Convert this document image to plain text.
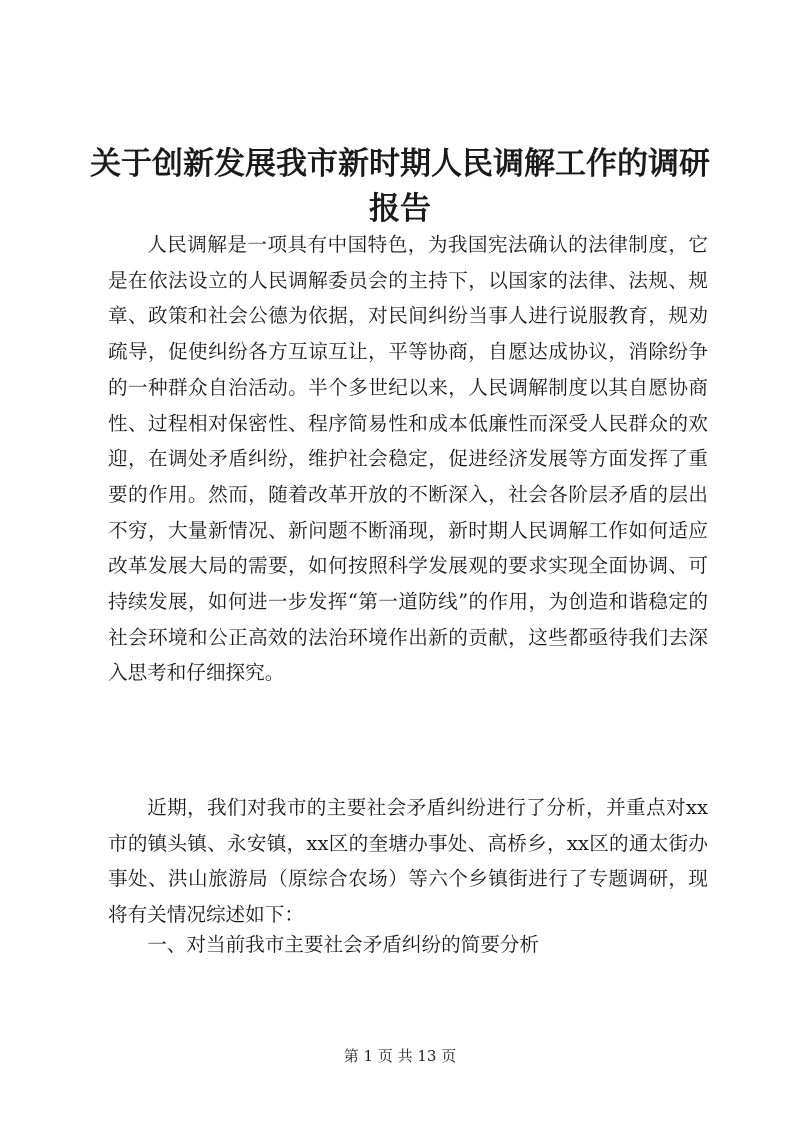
关于创新发展我市新时期人民调解工作的调研报告

人民调解是一项具有中国特色，为我国宪法确认的法律制度，它是在依法设立的人民调解委员会的主持下，以国家的法律、法规、规章、政策和社会公德为依据，对民间纠纷当事人进行说服教育，规劝疏导，促使纠纷各方互谅互让，平等协商，自愿达成协议，消除纷争的一种群众自治活动。半个多世纪以来，人民调解制度以其自愿协商性、过程相对保密性、程序简易性和成本低廉性而深受人民群众的欢迎，在调处矛盾纠纷，维护社会稳定，促进经济发展等方面发挥了重要的作用。然而，随着改革开放的不断深入，社会各阶层矛盾的层出不穷，大量新情况、新问题不断涌现，新时期人民调解工作如何适应改革发展大局的需要，如何按照科学发展观的要求实现全面协调、可持续发展，如何进一步发挥“第一道防线”的作用，为创造和谐稳定的社会环境和公正高效的法治环境作出新的贡献，这些都亟待我们去深入思考和仔细探究。

近期，我们对我市的主要社会矛盾纠纷进行了分析，并重点对xx市的镇头镇、永安镇，xx区的奎塘办事处、高桥乡，xx区的通太街办事处、洪山旅游局（原综合农场）等六个乡镇街进行了专题调研，现将有关情况综述如下：

一、对当前我市主要社会矛盾纠纷的简要分析

第 1 页 共 13 页
